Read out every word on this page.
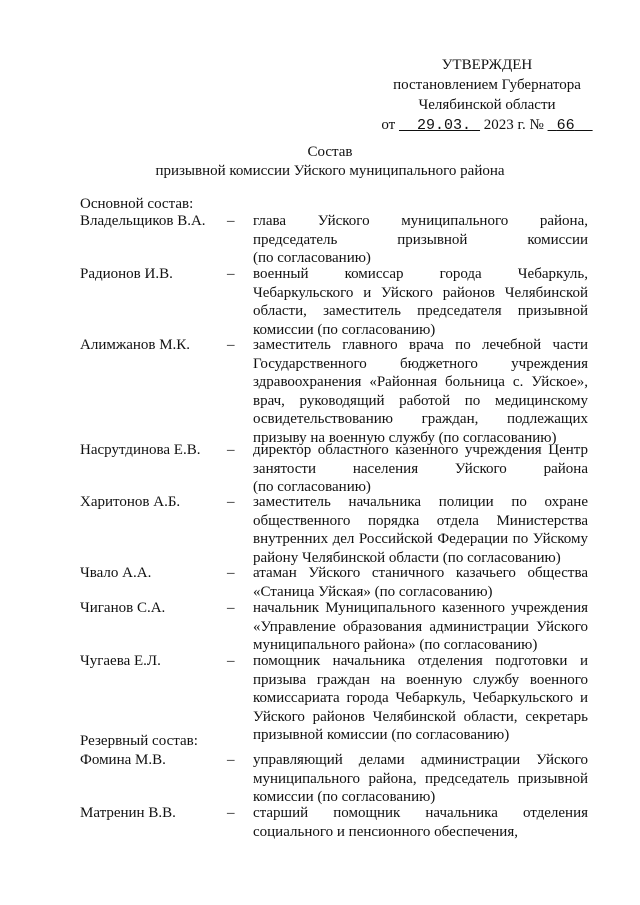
УТВЕРЖДЕН
постановлением Губернатора
Челябинской области
от 29.03. 2023 г. № 66
Состав
призывной комиссии Уйского муниципального района
Основной состав:
Владельщиков В.А.	– глава Уйского муниципального района,
председатель призывной комиссии
(по согласованию)
Радионов И.В.	– военный комиссар города Чебаркуль,
Чебаркульского и Уйского районов Челябинской
области, заместитель председателя призывной
комиссии (по согласованию)
Алимжанов М.К.	– заместитель главного врача по лечебной части
Государственного бюджетного учреждения
здравоохранения «Районная больница с. Уйское»,
врач, руководящий работой по медицинскому
освидетельствованию граждан, подлежащих
призыву на военную службу (по согласованию)
Насрутдинова Е.В.	– директор областного казенного учреждения Центр
занятости населения Уйского района
(по согласованию)
Харитонов А.Б.	– заместитель начальника полиции по охране
общественного порядка отдела Министерства
внутренних дел Российской Федерации по Уйскому
району Челябинской области (по согласованию)
Чвало А.А.	– атаман Уйского станичного казачьего общества
«Станица Уйская» (по согласованию)
Чиганов С.А.	– начальник Муниципального казенного учреждения
«Управление образования администрации Уйского
муниципального района» (по согласованию)
Чугаева Е.Л.	– помощник начальника отделения подготовки и
призыва граждан на военную службу военного
комиссариата города Чебаркуль, Чебаркульского и
Уйского районов Челябинской области, секретарь
призывной комиссии (по согласованию)
Резервный состав:
Фомина М.В.	– управляющий делами администрации Уйского
муниципального района, председатель призывной
комиссии (по согласованию)
Матренин В.В.	– старший помощник начальника отделения
социального и пенсионного обеспечения,
